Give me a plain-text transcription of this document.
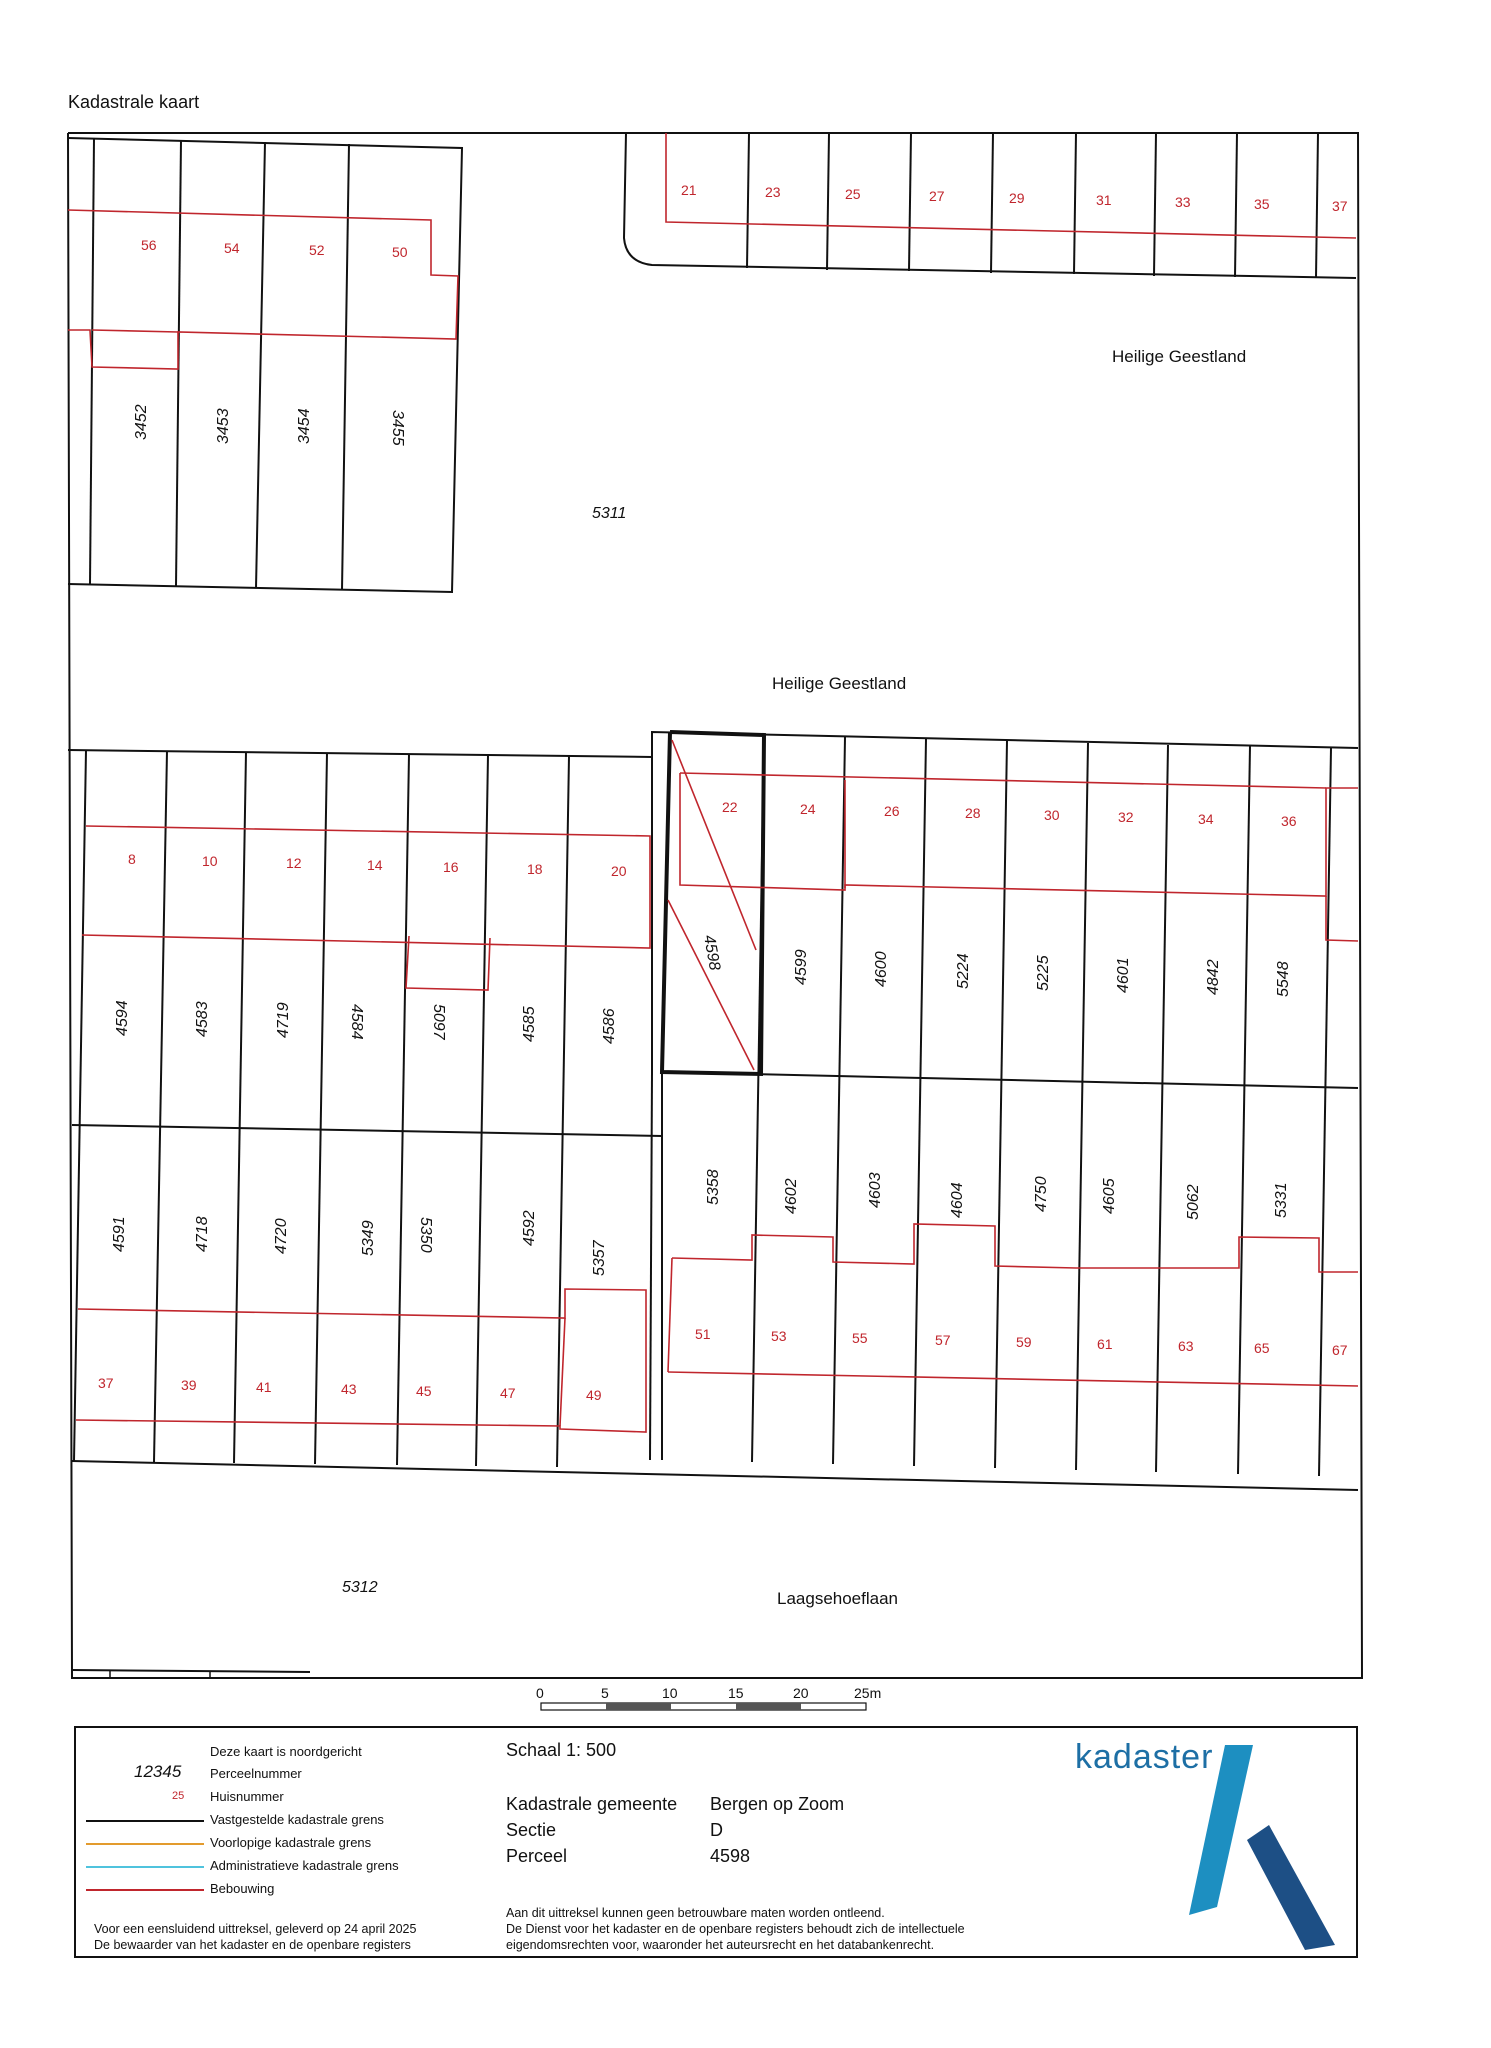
Kadastrale kaart
Heilige Geestland
Heilige Geestland
Laagsehoeflaan
5311
5312
56	54	52	50
3452	3453	3454	3455
21	23	25	27	29	31	33	35	37
8	10	12	14	16	18	20
4594	4583	4719	4584	5097	4585	4586
22	24	26	28	30	32	34	36
4598	4599	4600	5224	5225	4601	4842	5548
4591	4718	4720	5349	5350	4592
5357
37	39	41	43	45	47	49
5358	4602	4603	4604	4750	4605	5062	5331
51	53	55	57	59	61	63	65	67
0	5	10	15	20	25m
Deze kaart is noordgericht
12345 Perceelnummer
25 Huisnummer
Vastgestelde kadastrale grens
Voorlopige kadastrale grens
Administratieve kadastrale grens
Bebouwing
Voor een eensluidend uittreksel, geleverd op 24 april 2025
De bewaarder van het kadaster en de openbare registers
Schaal 1: 500
Kadastrale gemeente Bergen op Zoom
Sectie	D
Perceel	4598
Aan dit uittreksel kunnen geen betrouwbare maten worden ontleend.
De Dienst voor het kadaster en de openbare registers behoudt zich de intellectuele
eigendomsrechten voor, waaronder het auteursrecht en het databankenrecht.
kadaster
